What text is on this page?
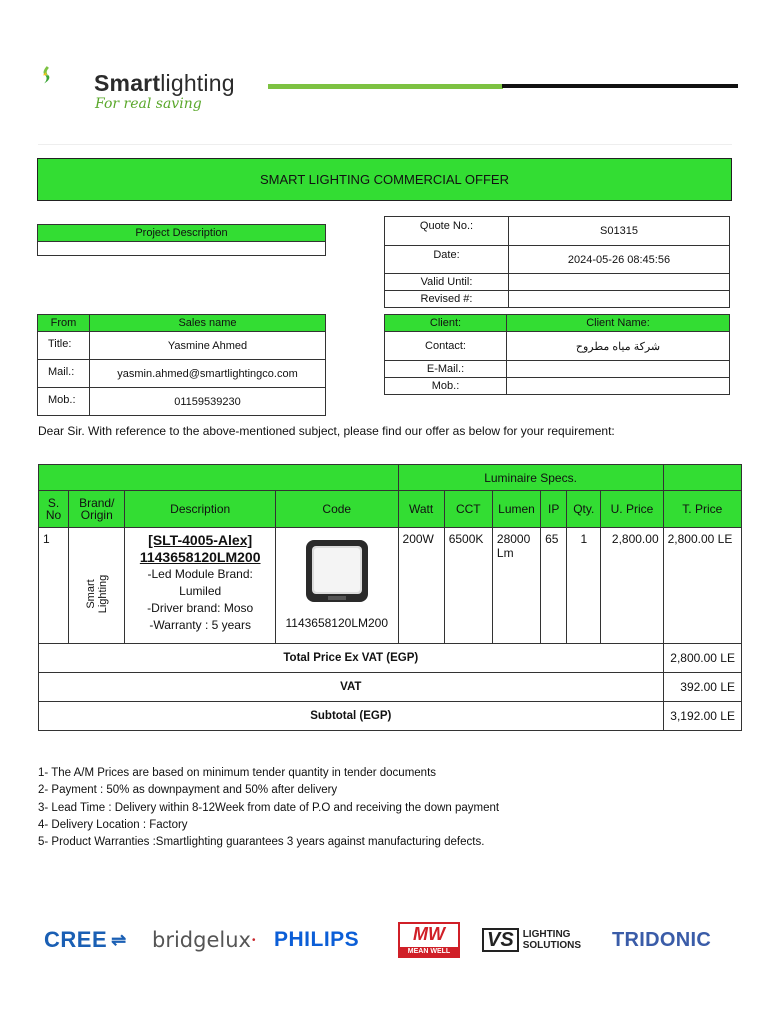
Smartlighting
For real saving
SMART LIGHTING COMMERCIAL OFFER
Project Description

Quote No.:	S01315
Date:	2024-05-26 08:45:56
Valid Until:	
Revised #:	
From	Sales name
Title:	Yasmine Ahmed
Mail.:	yasmin.ahmed@smartlightingco.com
Mob.:	01159539230
Client:	Client Name:
Contact:	شركة مياه مطروح
E-Mail.:	
Mob.:	
Dear Sir. With reference to the above-mentioned subject, please find our offer as below for your requirement:
				Luminaire Specs.						
S. No	Brand/ Origin	Description	Code	Watt	CCT	Lumen	IP	Qty.	U. Price	T. Price
1	Smart Lighting	[SLT-4005-Alex] 1143658120LM200
-Led Module Brand: Lumiled
-Driver brand: Moso
-Warranty : 5 years	1143658120LM200	200W	6500K	28000 Lm	65	1	2,800.00	2,800.00 LE
Total Price Ex VAT (EGP)										2,800.00 LE
VAT										392.00 LE
Subtotal (EGP)										3,192.00 LE
1- The A/M Prices are based on minimum tender quantity in tender documents
2- Payment : 50% as downpayment and 50% after delivery
3- Lead Time : Delivery within 8-12Week from date of P.O and receiving the down payment
4- Delivery Location : Factory
5- Product Warranties :Smartlighting guarantees 3 years against manufacturing defects.
CREE ⇌ bridgelux • PHILIPS	MW
MEAN WELL
VS LIGHTING
SOLUTIONS TRIDONIC
